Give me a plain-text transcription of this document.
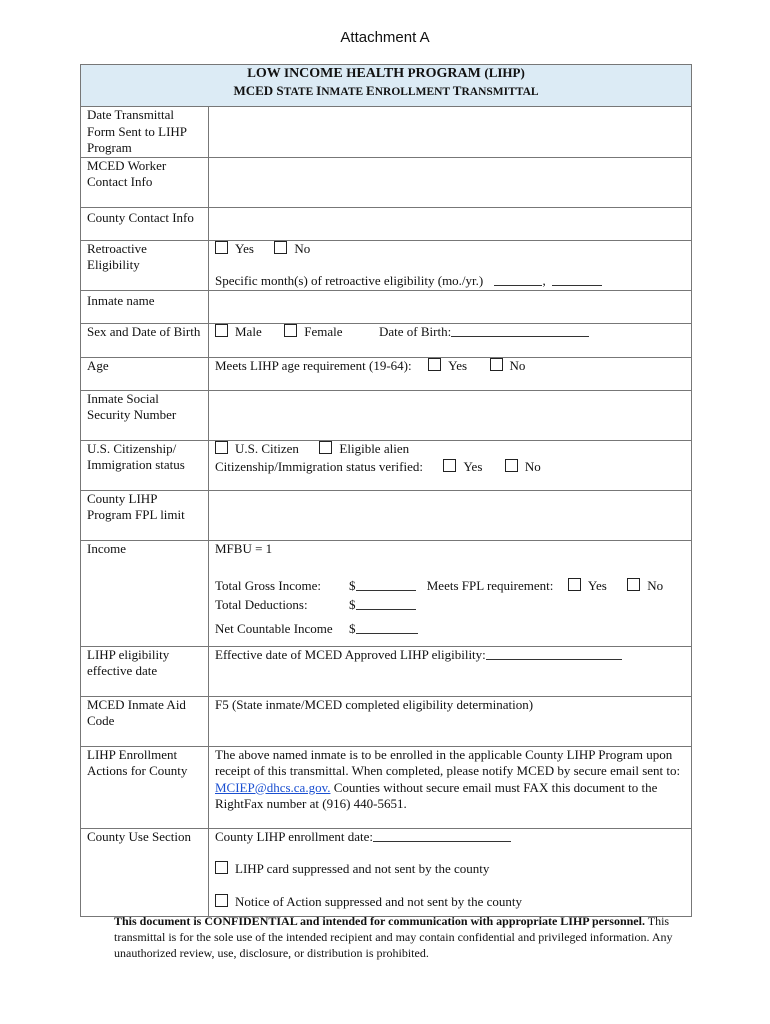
Attachment A
LOW INCOME HEALTH PROGRAM (LIHP)
MCED STATE INMATE ENROLLMENT TRANSMITTAL	

Date Transmittal Form Sent to LIHP Program	
MCED Worker Contact Info	
County Contact Info	
Retroactive Eligibility	Yes No
Specific month(s) of retroactive eligibility (mo./yr.) ,

Inmate name	
Sex and Date of Birth	Male Female Date of Birth:
Age	Meets LIHP age requirement (19-64): Yes No
Inmate Social Security Number	
U.S. Citizenship/ Immigration status	U.S. Citizen Eligible alien
Citizenship/Immigration status verified: Yes No

County LIHP Program FPL limit	
Income	MFBU = 1
Total Gross Income: $ Meets FPL requirement: Yes No
Total Deductions: $
Net Countable Income $

LIHP eligibility effective date	Effective date of MCED Approved LIHP eligibility:
MCED Inmate Aid Code	F5 (State inmate/MCED completed eligibility determination)
LIHP Enrollment Actions for County	The above named inmate is to be enrolled in the applicable County LIHP Program upon receipt of this transmittal. When completed, please notify MCED by secure email sent to: MCIEP@dhcs.ca.gov. Counties without secure email must FAX this document to the RightFax number at (916) 440-5651.
County Use Section	County LIHP enrollment date:
LIHP card suppressed and not sent by the county
Notice of Action suppressed and not sent by the county
This document is CONFIDENTIAL and intended for communication with appropriate LIHP personnel. This transmittal is for the sole use of the intended recipient and may contain confidential and privileged information. Any unauthorized review, use, disclosure, or distribution is prohibited.
